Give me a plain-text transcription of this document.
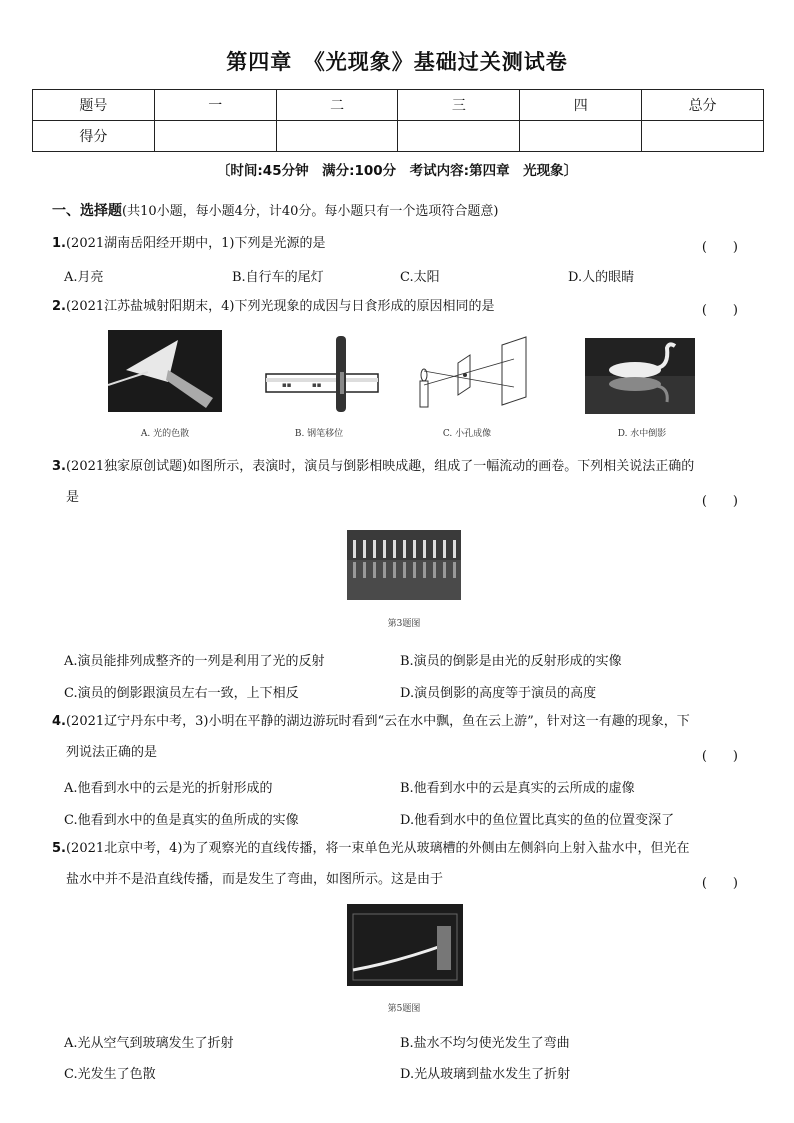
第四章　《光现象》基础过关测试卷
题号	一	二	三	四	总分
得分					
〔时间:45分钟　满分:100分　考试内容:第四章　光现象〕
一、选择题(共10小题，每小题4分，计40分。每小题只有一个选项符合题意)
1.(2021湖南岳阳经开期中，1)下列是光源的是	(　　)
A.月亮	B.自行车的尾灯	C.太阳	D.人的眼睛
2.(2021江苏盐城射阳期末，4)下列光现象的成因与日食形成的原因相同的是	(　　)
A. 光的色散
▪▪	▪▪
B. 钢笔移位	C. 小孔成像	D. 水中倒影
3.(2021独家原创试题)如图所示，表演时，演员与倒影相映成趣，组成了一幅流动的画卷。下列相关说法正确的
是	(　　)
第3题图
A.演员能排列成整齐的一列是利用了光的反射	B.演员的倒影是由光的反射形成的实像
C.演员的倒影跟演员左右一致，上下相反	D.演员倒影的高度等于演员的高度
4.(2021辽宁丹东中考，3)小明在平静的湖边游玩时看到“云在水中飘，鱼在云上游”，针对这一有趣的现象，下
列说法正确的是	(　　)
A.他看到水中的云是光的折射形成的	B.他看到水中的云是真实的云所成的虚像
C.他看到水中的鱼是真实的鱼所成的实像	D.他看到水中的鱼位置比真实的鱼的位置变深了
5.(2021北京中考，4)为了观察光的直线传播，将一束单色光从玻璃槽的外侧由左侧斜向上射入盐水中，但光在
盐水中并不是沿直线传播，而是发生了弯曲，如图所示。这是由于	(　　)
第5题图
A.光从空气到玻璃发生了折射	B.盐水不均匀使光发生了弯曲
C.光发生了色散	D.光从玻璃到盐水发生了折射
